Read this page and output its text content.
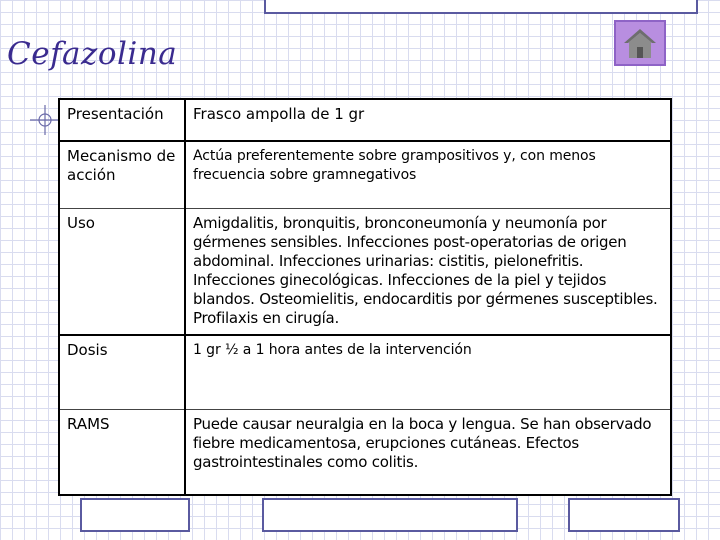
Cefazolina
Presentación	Frasco ampolla de 1 gr
Mecanismo de acción	Actúa preferentemente sobre grampositivos y, con menos frecuencia sobre gramnegativos
Uso	Amigdalitis, bronquitis, bronconeumonía y neumonía por gérmenes sensibles. Infecciones post-operatorias de origen abdominal. Infecciones urinarias: cistitis, pielonefritis. Infecciones ginecológicas. Infecciones de la piel y tejidos blandos. Osteomielitis, endocarditis por gérmenes susceptibles. Profilaxis en cirugía.
Dosis	1 gr ½ a 1 hora antes de la intervención
RAMS	Puede causar neuralgia en la boca y lengua. Se han observado fiebre medicamentosa, erupciones cutáneas. Efectos gastrointestinales como colitis.
